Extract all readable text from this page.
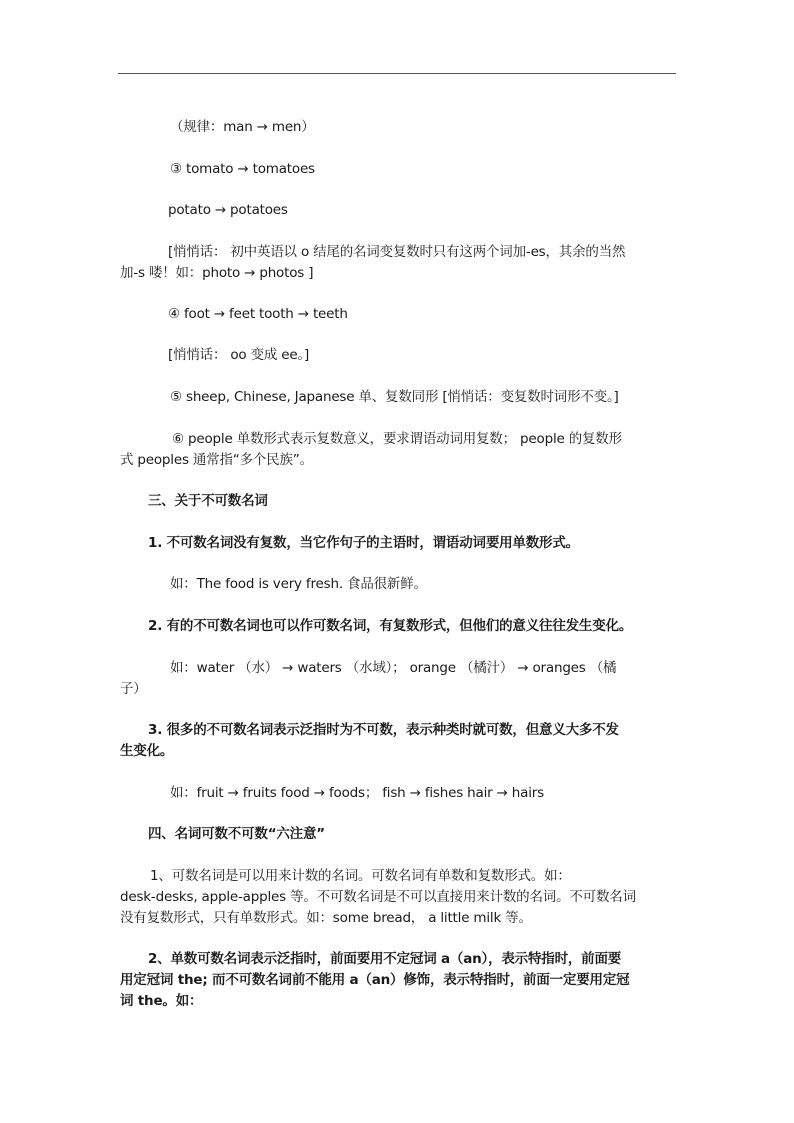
（规律：man → men）
③ tomato → tomatoes
potato → potatoes
[悄悄话： 初中英语以 o 结尾的名词变复数时只有这两个词加-es，其余的当然
加-s 喽！如：photo → photos ]
④ foot → feet tooth → teeth
[悄悄话： oo 变成 ee。]
⑤ sheep, Chinese, Japanese 单、复数同形 [悄悄话：变复数时词形不变。]
⑥ people 单数形式表示复数意义，要求谓语动词用复数； people 的复数形
式 peoples 通常指“多个民族”。
三、关于不可数名词
1. 不可数名词没有复数，当它作句子的主语时，谓语动词要用单数形式。
如：The food is very fresh. 食品很新鲜。
2. 有的不可数名词也可以作可数名词，有复数形式，但他们的意义往往发生变化。
如：water （水） → waters （水域）； orange （橘汁） → oranges （橘
子）
3. 很多的不可数名词表示泛指时为不可数，表示种类时就可数，但意义大多不发
生变化。
如：fruit → fruits food → foods； fish → fishes hair → hairs
四、名词可数不可数“六注意”
1、可数名词是可以用来计数的名词。可数名词有单数和复数形式。如：
desk-desks, apple-apples 等。不可数名词是不可以直接用来计数的名词。不可数名词
没有复数形式，只有单数形式。如：some bread， a little milk 等。
2、单数可数名词表示泛指时，前面要用不定冠词 a（an），表示特指时，前面要
用定冠词 the; 而不可数名词前不能用 a（an）修饰，表示特指时，前面一定要用定冠
词 the。如：
